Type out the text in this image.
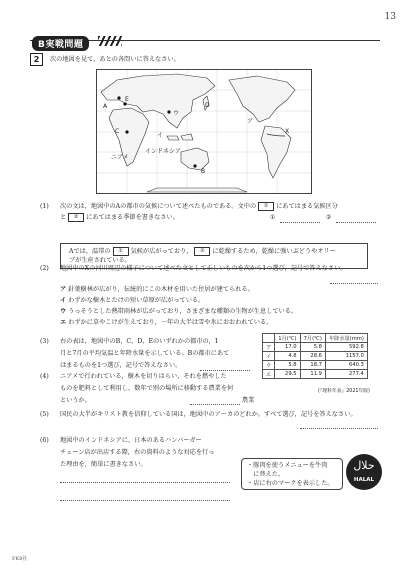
13
B実戦問題
2	次の地図を見て，あとの各問いに答えなさい。
E
A
C
ウ
D
ア
X
イ
ニアメ
インドネシア
B
(1) 次の文は，地図中のAの都市の気候について述べたものである。文中の ① にあてはまる気候区分
と ② にあてはまる季節を書きなさい。	①	②
Aでは，温帯の ① 気候が広がっており， ② に乾燥するため，乾燥に強いぶどうやオリー
ブが生産されている。
(2) 地図中のXの河川周辺の様子について述べた文として正しいものを次から1つ選び，記号で答えなさい。
ア 針葉樹林が広がり，伝統的にこの木材を用いた住居が建てられる。
イ わずかな樹木とたけの短い草原が広がっている。
ウ うっそうとした熱帯雨林が広がっており，さまざまな種類の生物が生息している。
エ わずかに草やこけが生えており，一年の大半は雪や氷におおわれている。
(3) 右の表は，地図中のB，C，D，Eのいずれかの都市の，1
月と7月の平均気温と年降水量を示している。Bの都市にあて
はまるものを1つ選び，記号で答えなさい。
	1月(℃)	7月(℃)	年降水量(mm)
ア	17.0	5.8	592.8
イ	4.8	28.6	1157.0
ウ	5.8	18.7	640.3
エ	29.5	11.9	277.4
(『理科年表』2021年版)
(4) ニアメで行われている，樹木を切りはらい，それを燃やした
ものを肥料として利用し，数年で別の場所に移動する農業を何
というか。	農業
(5) 国民の大半がキリスト教を信仰している国は，地図中のア～カのどれか。すべて選び，記号を答えなさい。
(6) 地図中のインドネシアに，日本のあるハンバーガー
チェーン店が出店する際，右の資料のような対応を行っ
た理由を，簡単に書きなさい。	・豚肉を使うメニューを牛肉
　に替えた。
・店に右のマークを表示した。
حلال
HALAL
FK8社
